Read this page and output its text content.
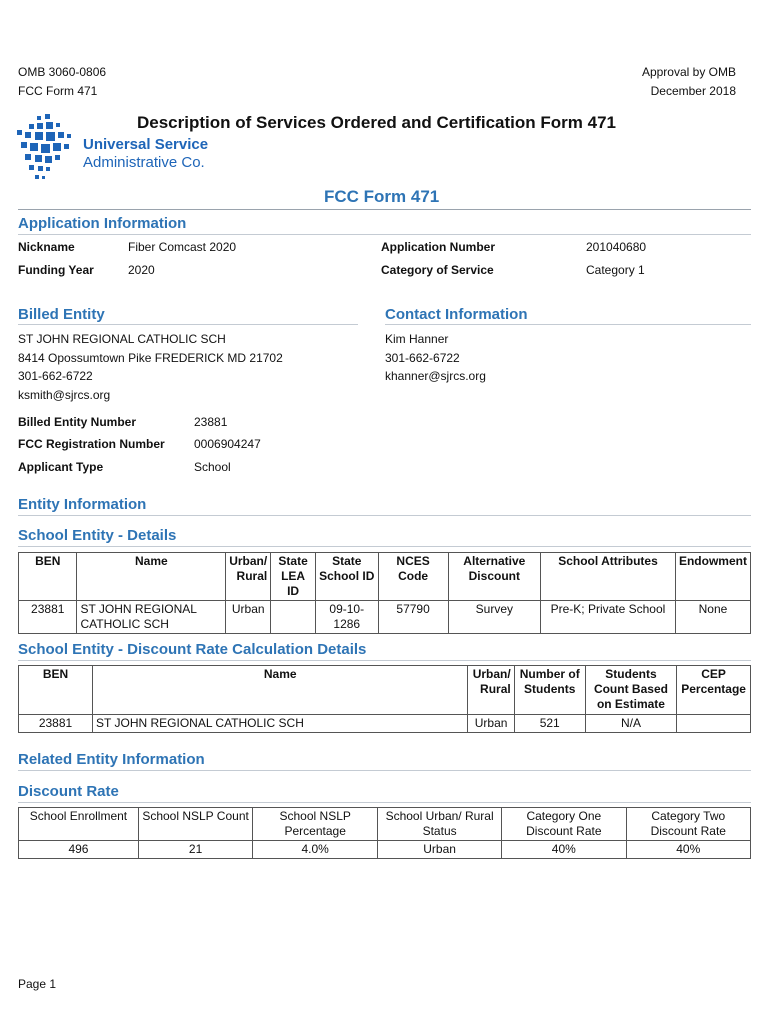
OMB 3060-0806
FCC Form 471
Approval by OMB
December 2018
Universal Service
Administrative Co.
Description of Services Ordered and Certification Form 471
FCC Form 471
Application Information
Nickname	Fiber Comcast 2020	Application Number	201040680
Funding Year	2020	Category of Service	Category 1
Billed Entity	Contact Information
ST JOHN REGIONAL CATHOLIC SCH
8414 Opossumtown Pike FREDERICK MD 21702
301-662-6722
ksmith@sjrcs.org
Kim Hanner
301-662-6722
khanner@sjrcs.org
Billed Entity Number	23881
FCC Registration Number 0006904247
Applicant Type	School
Entity Information
School Entity - Details
BEN	Name	Urban/ Rural	State LEA ID	State School ID	NCES Code	Alternative Discount	School Attributes	Endowment
23881	ST JOHN REGIONAL CATHOLIC SCH	Urban		09-10-1286	57790	Survey	Pre-K; Private School	None
School Entity - Discount Rate Calculation Details
BEN	Name	Urban/ Rural	Number of Students	Students Count Based on Estimate	CEP Percentage
23881	ST JOHN REGIONAL CATHOLIC SCH	Urban	521	N/A	
Related Entity Information
Discount Rate
School Enrollment	School NSLP Count	School NSLP Percentage	School Urban/ Rural Status	Category One Discount Rate	Category Two Discount Rate
496	21	4.0%	Urban	40%	40%
Page 1
